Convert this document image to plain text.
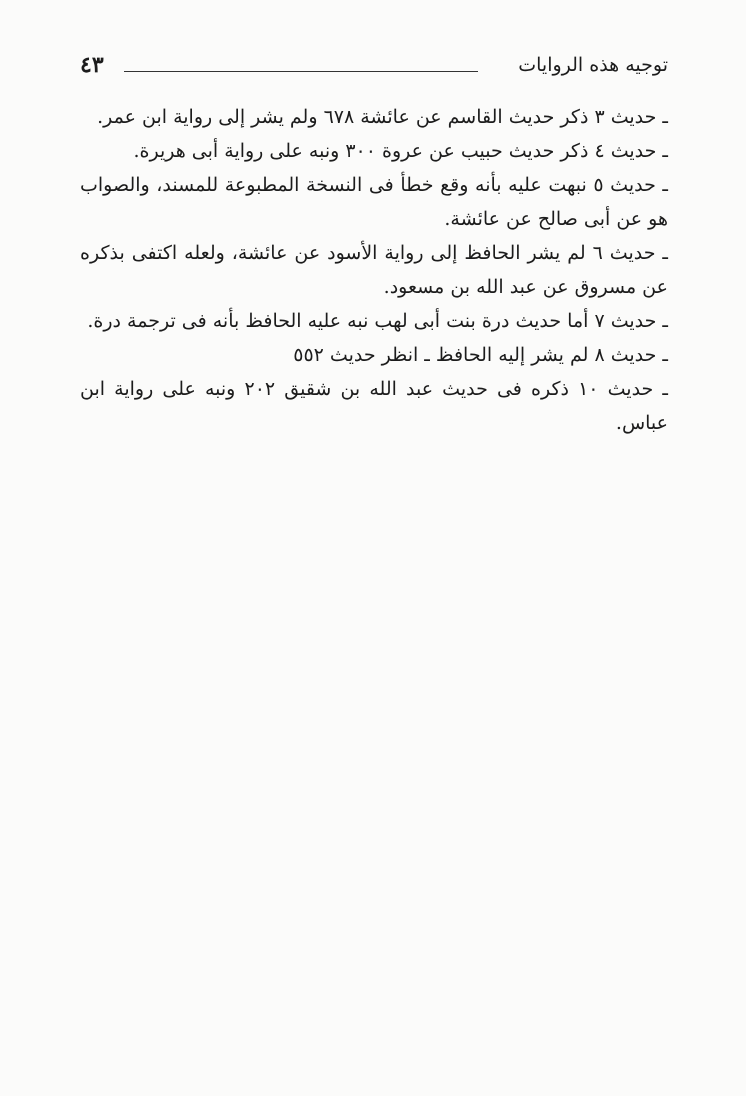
توجيه هذه الروايات
٤٣

ـ حديث ٣ ذكر حديث القاسم عن عائشة ٦٧٨ ولم يشر إلى رواية ابن عمر.

ـ حديث ٤ ذكر حديث حبيب عن عروة ٣٠٠ ونبه على رواية أبى هريرة.

ـ حديث ٥ نبهت عليه بأنه وقع خطأ فى النسخة المطبوعة للمسند، والصواب هو عن أبى صالح عن عائشة.

ـ حديث ٦ لم يشر الحافظ إلى رواية الأسود عن عائشة، ولعله اكتفى بذكره عن مسروق عن عبد الله بن مسعود.

ـ حديث ٧ أما حديث درة بنت أبى لهب نبه عليه الحافظ بأنه فى ترجمة درة.

ـ حديث ٨ لم يشر إليه الحافظ ـ انظر حديث ٥٥٢

ـ حديث ١٠ ذكره فى حديث عبد الله بن شقيق ٢٠٢ ونبه على رواية ابن عباس.
